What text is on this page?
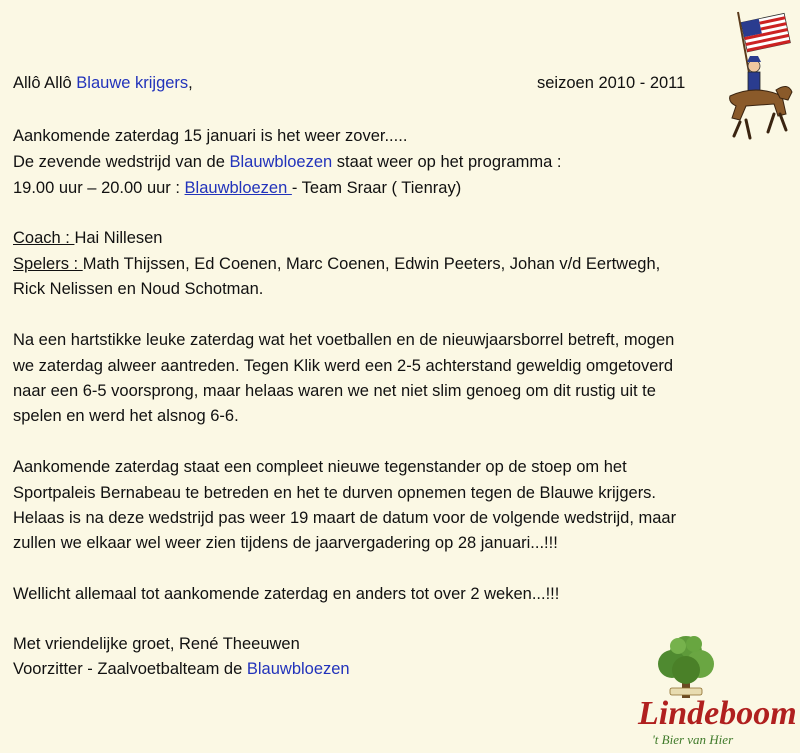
Allô Allô Blauwe krijgers,	seizoen 2010 - 2011
Aankomende zaterdag 15 januari is het weer zover.....
De zevende wedstrijd van de Blauwbloezen staat weer op het programma :
19.00 uur – 20.00 uur : Blauwbloezen - Team Sraar ( Tienray)
Coach : Hai Nillesen
Spelers : Math Thijssen, Ed Coenen, Marc Coenen, Edwin Peeters, Johan v/d Eertwegh,
Rick Nelissen en Noud Schotman.
Na een hartstikke leuke zaterdag wat het voetballen en de nieuwjaarsborrel betreft, mogen
we zaterdag alweer aantreden. Tegen Klik werd een 2-5 achterstand geweldig omgetoverd
naar een 6-5 voorsprong, maar helaas waren we net niet slim genoeg om dit rustig uit te
spelen en werd het alsnog 6-6.
Aankomende zaterdag staat een compleet nieuwe tegenstander op de stoep om het
Sportpaleis Bernabeau te betreden en het te durven opnemen tegen de Blauwe krijgers.
Helaas is na deze wedstrijd pas weer 19 maart de datum voor de volgende wedstrijd, maar
zullen we elkaar wel weer zien tijdens de jaarvergadering op 28 januari...!!!
Wellicht allemaal tot aankomende zaterdag en anders tot over 2 weken...!!!
Met vriendelijke groet, René Theeuwen
Voorzitter - Zaalvoetbalteam de Blauwbloezen
Lindeboom
't Bier van Hier
